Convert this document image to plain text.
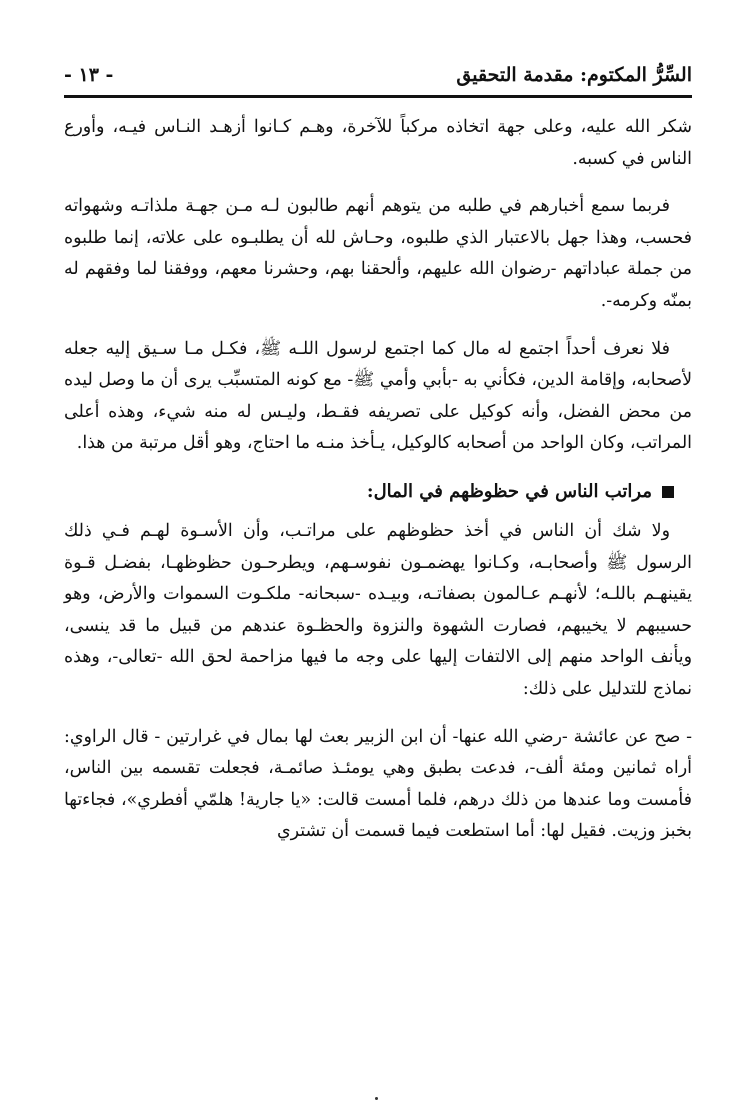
السِّرُّ المكتوم: مقدمة التحقيق
- ١٣ -

شكر الله عليه، وعلى جهة اتخاذه مركباً للآخرة، وهـم كـانوا أزهـد النـاس فيـه، وأورع الناس في كسبه.

فربما سمع أخبارهم في طلبه من يتوهم أنهم طالبون لـه مـن جهـة ملذاتـه وشهواته فحسب، وهذا جهل بالاعتبار الذي طلبوه، وحـاش لله أن يطلبـوه على علاته، إنما طلبوه من جملة عباداتهم -رضوان الله عليهم، وألحقنا بهم، وحشرنا معهم، ووفقنا لما وفقهم له بمنّه وكرمه-.

فلا نعرف أحداً اجتمع له مال كما اجتمع لرسول اللـه ﷺ، فكـل مـا سـيق إليه جعله لأصحابه، وإقامة الدين، فكأني به -بأبي وأمي ﷺ- مع كونه المتسبِّب يرى أن ما وصل ليده من محض الفضل، وأنه كوكيل على تصريفه فقـط، وليـس له منه شيء، وهذه أعلى المراتب، وكان الواحد من أصحابه كالوكيل، يـأخذ منـه ما احتاج، وهو أقل مرتبة من هذا.

مراتب الناس في حظوظهم في المال:

ولا شك أن الناس في أخذ حظوظهم على مراتـب، وأن الأسـوة لهـم فـي ذلك الرسول ﷺ وأصحابـه، وكـانوا يهضمـون نفوسـهم، ويطرحـون حظوظهـا، بفضـل قـوة يقينهـم باللـه؛ لأنهـم عـالمون بصفاتـه، وبيـده -سبحانه- ملكـوت السموات والأرض، وهو حسيبهم لا يخيبهم، فصارت الشهوة والنزوة والحظـوة عندهم من قبيل ما قد ينسى، ويأنف الواحد منهم إلى الالتفات إليها على وجه ما فيها مزاحمة لحق الله -تعالى-، وهذه نماذج للتدليل على ذلك:

- صح عن عائشة -رضي الله عنها- أن ابن الزبير بعث لها بمال في غرارتين - قال الراوي: أراه ثمانين ومئة ألف-، فدعت بطبق وهي يومئـذ صائمـة، فجعلت تقسمه بين الناس، فأمست وما عندها من ذلك درهم، فلما أمست قالت: «يا جارية! هلمّي أفطري»، فجاءتها بخبز وزيت. فقيل لها: أما استطعت فيما قسمت أن تشتري
